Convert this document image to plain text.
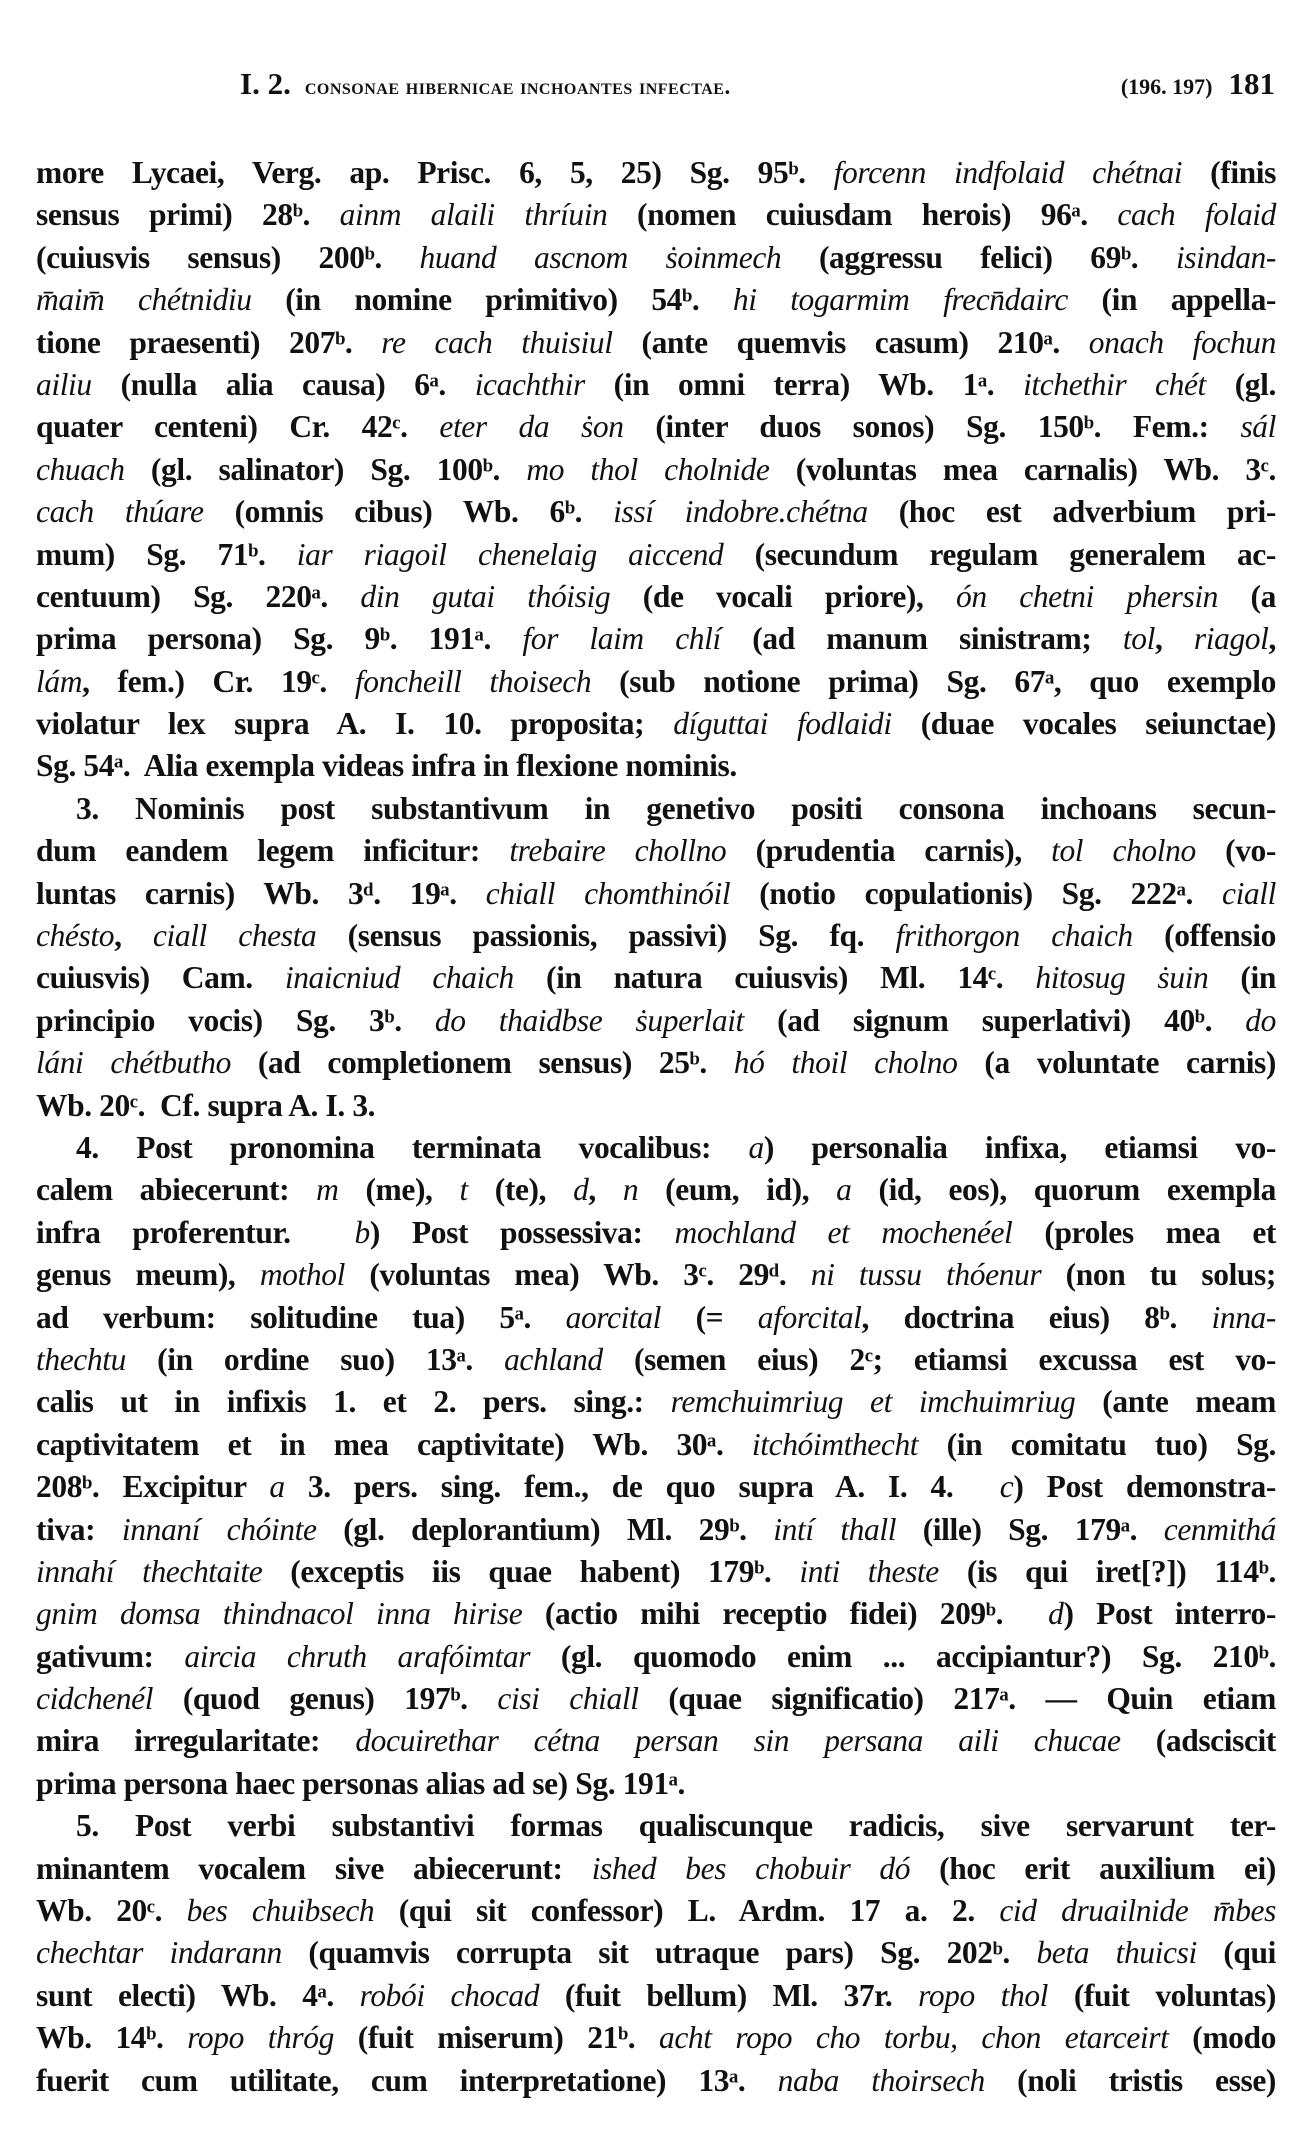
I. 2. consonae hibernicae inchoantes infectae.	(196. 197) 181
more Lycaei, Verg. ap. Prisc. 6, 5, 25) Sg. 95ᵇ. forcenn indfolaid chétnai (finis
sensus primi) 28ᵇ. ainm alaili thríuin (nomen cuiusdam herois) 96ᵃ. cach folaid
(cuiusvis sensus) 200ᵇ. huand ascnom ṡoinmech (aggressu felici) 69ᵇ. isindan-
m̄aim̄ chétnidiu (in nomine primitivo) 54ᵇ. hi togarmim frecn̄dairc (in appella-
tione praesenti) 207ᵇ. re cach thuisiul (ante quemvis casum) 210ᵃ. onach fochun
ailiu (nulla alia causa) 6ᵃ. icachthir (in omni terra) Wb. 1ᵃ. itchethir chét (gl.
quater centeni) Cr. 42ᶜ. eter da ṡon (inter duos sonos) Sg. 150ᵇ. Fem.: sál
chuach (gl. salinator) Sg. 100ᵇ. mo thol cholnide (voluntas mea carnalis) Wb. 3ᶜ.
cach thúare (omnis cibus) Wb. 6ᵇ. issí indobre.chétna (hoc est adverbium pri-
mum) Sg. 71ᵇ. iar riagoil chenelaig aiccend (secundum regulam generalem ac-
centuum) Sg. 220ᵃ. din gutai thóisig (de vocali priore), ón chetni phersin (a
prima persona) Sg. 9ᵇ. 191ᵃ. for laim chlí (ad manum sinistram; tol, riagol,
lám, fem.) Cr. 19ᶜ. foncheill thoisech (sub notione prima) Sg. 67ᵃ, quo exemplo
violatur lex supra A. I. 10. proposita; díguttai fodlaidi (duae vocales seiunctae)
Sg. 54ᵃ.  Alia exempla videas infra in flexione nominis.
3. Nominis post substantivum in genetivo positi consona inchoans secun-
dum eandem legem inficitur: trebaire chollno (prudentia carnis), tol cholno (vo-
luntas carnis) Wb. 3ᵈ. 19ᵃ. chiall chomthinóil (notio copulationis) Sg. 222ᵃ. ciall
chésto, ciall chesta (sensus passionis, passivi) Sg. fq. frithorgon chaich (offensio
cuiusvis) Cam. inaicniud chaich (in natura cuiusvis) Ml. 14ᶜ. hitosug ṡuin (in
principio vocis) Sg. 3ᵇ. do thaidbse ṡuperlait (ad signum superlativi) 40ᵇ. do
láni chétbutho (ad completionem sensus) 25ᵇ. hó thoil cholno (a voluntate carnis)
Wb. 20ᶜ.  Cf. supra A. I. 3.
4. Post pronomina terminata vocalibus: a) personalia infixa, etiamsi vo-
calem abiecerunt: m (me), t (te), d, n (eum, id), a (id, eos), quorum exempla
infra proferentur.  b) Post possessiva: mochland et mochenéel (proles mea et
genus meum), mothol (voluntas mea) Wb. 3ᶜ. 29ᵈ. ni tussu thóenur (non tu solus;
ad verbum: solitudine tua) 5ᵃ. aorcital (= aforcital, doctrina eius) 8ᵇ. inna-
thechtu (in ordine suo) 13ᵃ. achland (semen eius) 2ᶜ; etiamsi excussa est vo-
calis ut in infixis 1. et 2. pers. sing.: remchuimriug et imchuimriug (ante meam
captivitatem et in mea captivitate) Wb. 30ᵃ. itchóimthecht (in comitatu tuo) Sg.
208ᵇ. Excipitur a 3. pers. sing. fem., de quo supra A. I. 4.  c) Post demonstra-
tiva: innaní chóinte (gl. deplorantium) Ml. 29ᵇ. intí thall (ille) Sg. 179ᵃ. cenmithá
innahí thechtaite (exceptis iis quae habent) 179ᵇ. inti theste (is qui iret[?]) 114ᵇ.
gnim domsa thindnacol inna hirise (actio mihi receptio fidei) 209ᵇ.  d) Post interro-
gativum: aircia chruth arafóimtar (gl. quomodo enim ... accipiantur?) Sg. 210ᵇ.
cidchenél (quod genus) 197ᵇ. cisi chiall (quae significatio) 217ᵃ. — Quin etiam
mira irregularitate: docuirethar cétna persan sin persana aili chucae (adsciscit
prima persona haec personas alias ad se) Sg. 191ᵃ.
5. Post verbi substantivi formas qualiscunque radicis, sive servarunt ter-
minantem vocalem sive abiecerunt: ished bes chobuir dó (hoc erit auxilium ei)
Wb. 20ᶜ. bes chuibsech (qui sit confessor) L. Ardm. 17 a. 2. cid druailnide m̄bes
chechtar indarann (quamvis corrupta sit utraque pars) Sg. 202ᵇ. beta thuicsi (qui
sunt electi) Wb. 4ᵃ. robói chocad (fuit bellum) Ml. 37r. ropo thol (fuit voluntas)
Wb. 14ᵇ. ropo thróg (fuit miserum) 21ᵇ. acht ropo cho torbu, chon etarceirt (modo
fuerit cum utilitate, cum interpretatione) 13ᵃ. naba thoirsech (noli tristis esse)
